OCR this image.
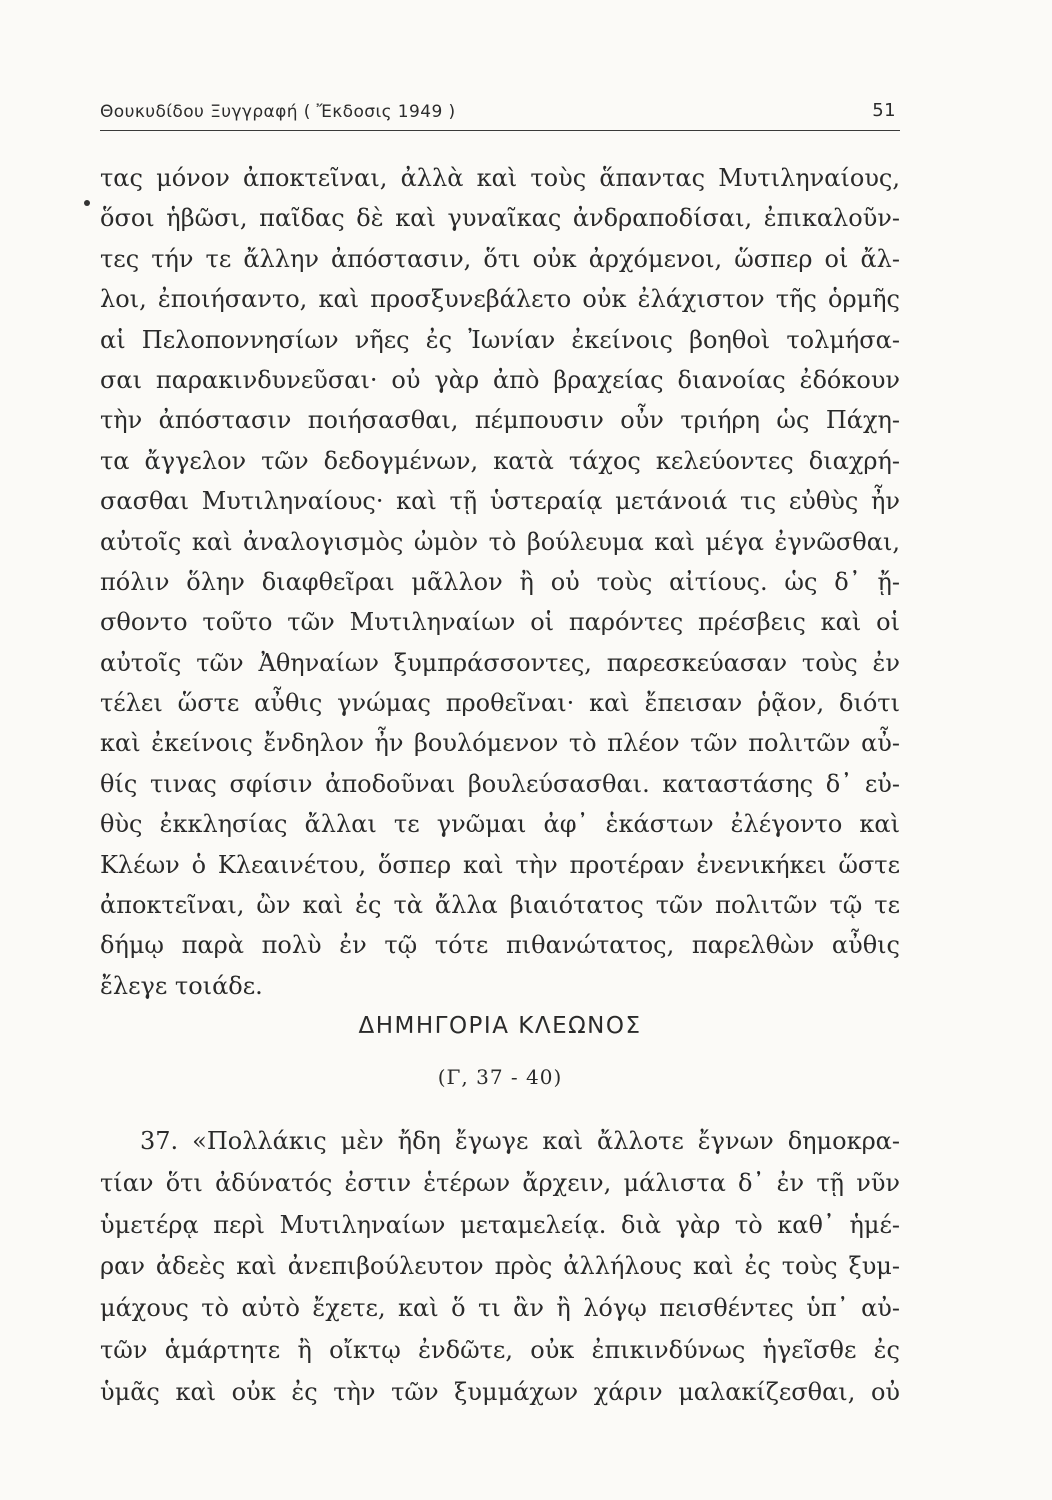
Θουκυδίδου Ξυγγραφή ( Ἔκδοσις 1949 )	51
τας μόνον ἀποκτεῖναι, ἀλλὰ καὶ τοὺς ἅπαντας Μυτιληναίους,
ὅσοι ἡβῶσι, παῖδας δὲ καὶ γυναῖκας ἀνδραποδίσαι, ἐπικαλοῦν-
τες τήν τε ἄλλην ἀπόστασιν, ὅτι οὐκ ἀρχόμενοι, ὥσπερ οἱ ἄλ-
λοι, ἐποιήσαντο, καὶ προσξυνεβάλετο οὐκ ἐλάχιστον τῆς ὁρμῆς
αἱ Πελοποννησίων νῆες ἐς Ἰωνίαν ἐκείνοις βοηθοὶ τολμήσα-
σαι παρακινδυνεῦσαι· οὐ γὰρ ἀπὸ βραχείας διανοίας ἐδόκουν
τὴν ἀπόστασιν ποιήσασθαι, πέμπουσιν οὖν τριήρη ὡς Πάχη-
τα ἄγγελον τῶν δεδογμένων, κατὰ τάχος κελεύοντες διαχρή-
σασθαι Μυτιληναίους· καὶ τῇ ὑστεραίᾳ μετάνοιά τις εὐθὺς ἦν
αὐτοῖς καὶ ἀναλογισμὸς ὠμὸν τὸ βούλευμα καὶ μέγα ἐγνῶσθαι,
πόλιν ὅλην διαφθεῖραι μᾶλλον ἢ οὐ τοὺς αἰτίους. ὡς δ᾽ ᾔ-
σθοντο τοῦτο τῶν Μυτιληναίων οἱ παρόντες πρέσβεις καὶ οἱ
αὐτοῖς τῶν Ἀθηναίων ξυμπράσσοντες, παρεσκεύασαν τοὺς ἐν
τέλει ὥστε αὖθις γνώμας προθεῖναι· καὶ ἔπεισαν ῥᾷον, διότι
καὶ ἐκείνοις ἔνδηλον ἦν βουλόμενον τὸ πλέον τῶν πολιτῶν αὖ-
θίς τινας σφίσιν ἀποδοῦναι βουλεύσασθαι. καταστάσης δ᾽ εὐ-
θὺς ἐκκλησίας ἄλλαι τε γνῶμαι ἀφ᾽ ἑκάστων ἐλέγοντο καὶ
Κλέων ὁ Κλεαινέτου, ὅσπερ καὶ τὴν προτέραν ἐνενικήκει ὥστε
ἀποκτεῖναι, ὢν καὶ ἐς τὰ ἄλλα βιαιότατος τῶν πολιτῶν τῷ τε
δήμῳ παρὰ πολὺ ἐν τῷ τότε πιθανώτατος, παρελθὼν αὖθις
ἔλεγε τοιάδε.
ΔΗΜΗΓΟΡΙΑ ΚΛΕΩΝΟΣ
(Γ, 37 - 40)
37. «Πολλάκις μὲν ἤδη ἔγωγε καὶ ἄλλοτε ἔγνων δημοκρα-
τίαν ὅτι ἀδύνατός ἐστιν ἑτέρων ἄρχειν, μάλιστα δ᾽ ἐν τῇ νῦν
ὑμετέρᾳ περὶ Μυτιληναίων μεταμελείᾳ. διὰ γὰρ τὸ καθ᾽ ἡμέ-
ραν ἀδεὲς καὶ ἀνεπιβούλευτον πρὸς ἀλλήλους καὶ ἐς τοὺς ξυμ-
μάχους τὸ αὐτὸ ἔχετε, καὶ ὅ τι ἂν ἢ λόγῳ πεισθέντες ὑπ᾽ αὐ-
τῶν ἁμάρτητε ἢ οἴκτῳ ἐνδῶτε, οὐκ ἐπικινδύνως ἡγεῖσθε ἐς
ὑμᾶς καὶ οὐκ ἐς τὴν τῶν ξυμμάχων χάριν μαλακίζεσθαι, οὐ
